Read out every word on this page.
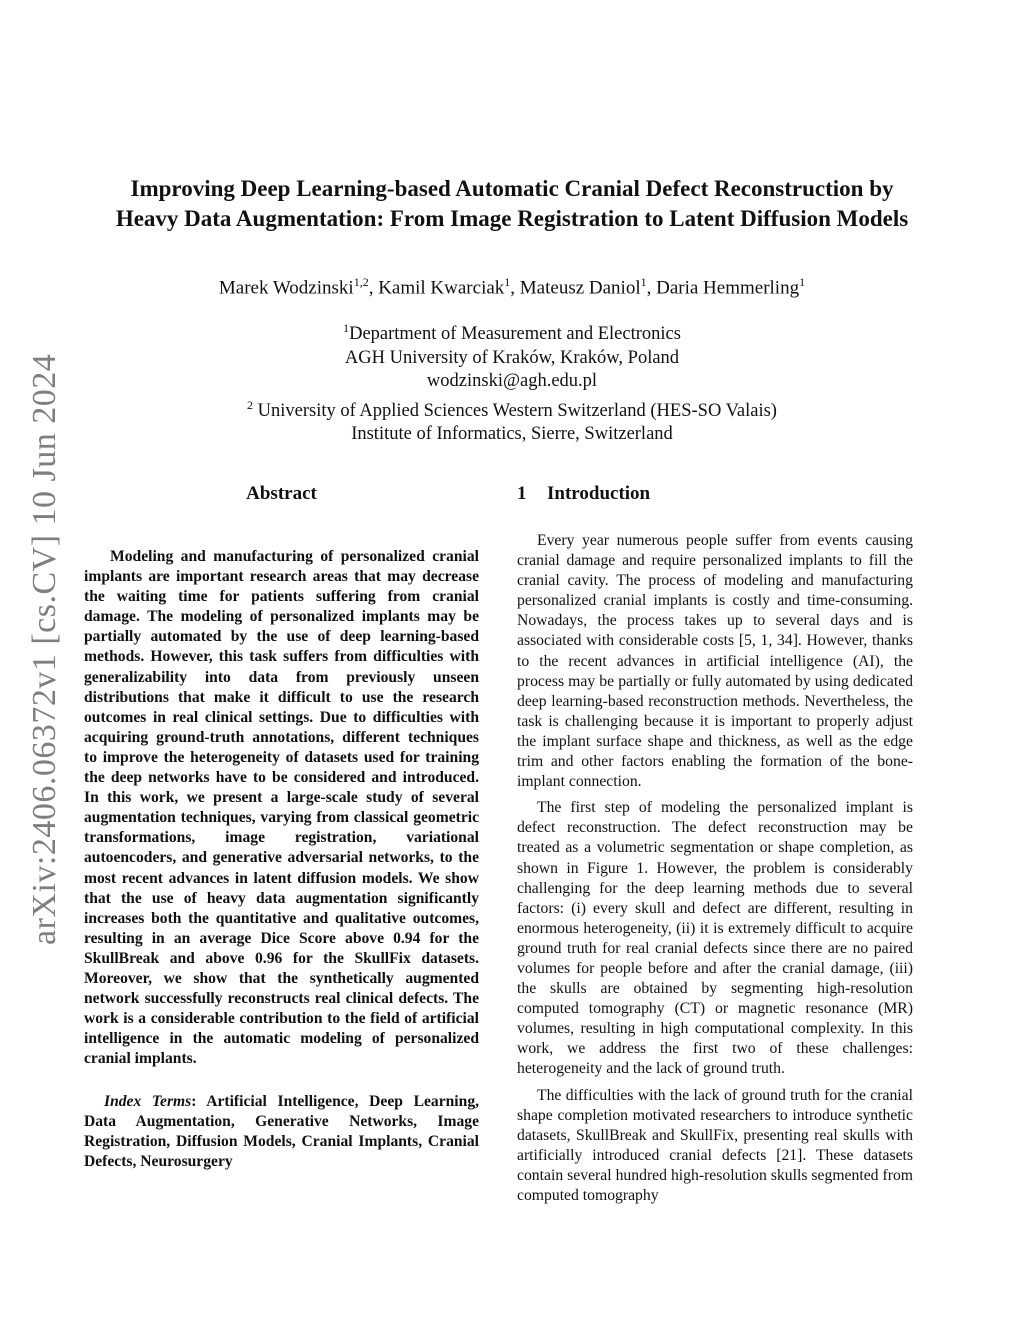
arXiv:2406.06372v1 [cs.CV] 10 Jun 2024
Improving Deep Learning-based Automatic Cranial Defect Reconstruction by
Heavy Data Augmentation: From Image Registration to Latent Diffusion Models

Marek Wodzinski$^{1,2}$, Kamil Kwarciak$^1$, Mateusz Daniol$^1$, Daria Hemmerling$^1$

$^1$Department of Measurement and Electronics
AGH University of Kraków, Kraków, Poland
wodzinski@agh.edu.pl
$^2$ University of Applied Sciences Western Switzerland (HES-SO Valais)
Institute of Informatics, Sierre, Switzerland
Abstract

Modeling and manufacturing of personalized cranial implants are important research areas that may decrease the waiting time for patients suffering from cranial damage. The modeling of personalized implants may be partially automated by the use of deep learning-based methods. However, this task suffers from difficulties with generalizability into data from previously unseen distributions that make it difficult to use the research outcomes in real clinical settings. Due to difficulties with acquiring ground-truth annotations, different techniques to improve the heterogeneity of datasets used for training the deep networks have to be considered and introduced. In this work, we present a large-scale study of several augmentation techniques, varying from classical geometric transformations, image registration, variational autoencoders, and generative adversarial networks, to the most recent advances in latent diffusion models. We show that the use of heavy data augmentation significantly increases both the quantitative and qualitative outcomes, resulting in an average Dice Score above 0.94 for the SkullBreak and above 0.96 for the SkullFix datasets. Moreover, we show that the synthetically augmented network successfully reconstructs real clinical defects. The work is a considerable contribution to the field of artificial intelligence in the automatic modeling of personalized cranial implants.

Index Terms: Artificial Intelligence, Deep Learning, Data Augmentation, Generative Networks, Image Registration, Diffusion Models, Cranial Implants, Cranial Defects, Neurosurgery

1 Introduction

Every year numerous people suffer from events causing cranial damage and require personalized implants to fill the cranial cavity. The process of modeling and manufacturing personalized cranial implants is costly and time-consuming. Nowadays, the process takes up to several days and is associated with considerable costs [5, 1, 34]. However, thanks to the recent advances in artificial intelligence (AI), the process may be partially or fully automated by using dedicated deep learning-based reconstruction methods. Nevertheless, the task is challenging because it is important to properly adjust the implant surface shape and thickness, as well as the edge trim and other factors enabling the formation of the bone-implant connection.

The first step of modeling the personalized implant is defect reconstruction. The defect reconstruction may be treated as a volumetric segmentation or shape completion, as shown in Figure 1. However, the problem is considerably challenging for the deep learning methods due to several factors: (i) every skull and defect are different, resulting in enormous heterogeneity, (ii) it is extremely difficult to acquire ground truth for real cranial defects since there are no paired volumes for people before and after the cranial damage, (iii) the skulls are obtained by segmenting high-resolution computed tomography (CT) or magnetic resonance (MR) volumes, resulting in high computational complexity. In this work, we address the first two of these challenges: heterogeneity and the lack of ground truth.

The difficulties with the lack of ground truth for the cranial shape completion motivated researchers to introduce synthetic datasets, SkullBreak and SkullFix, presenting real skulls with artificially introduced cranial defects [21]. These datasets contain several hundred high-resolution skulls segmented from computed tomography
